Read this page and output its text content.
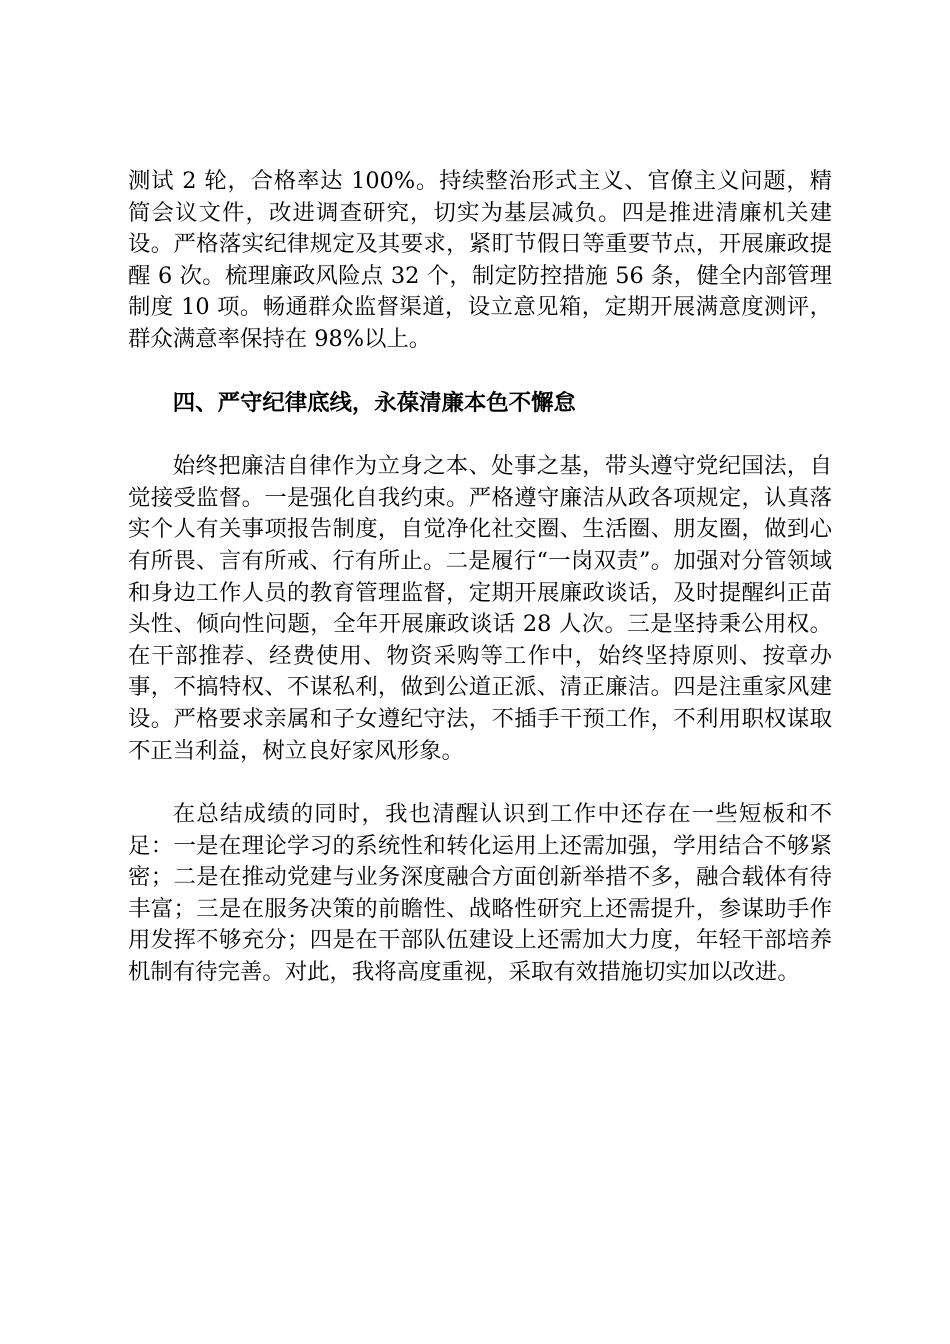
测试 2 轮，合格率达 100%。持续整治形式主义、官僚主义问题，精简会议文件，改进调查研究，切实为基层减负。四是推进清廉机关建设。严格落实纪律规定及其要求，紧盯节假日等重要节点，开展廉政提醒 6 次。梳理廉政风险点 32 个，制定防控措施 56 条，健全内部管理制度 10 项。畅通群众监督渠道，设立意见箱，定期开展满意度测评，群众满意率保持在 98%以上。

四、严守纪律底线，永葆清廉本色不懈怠

始终把廉洁自律作为立身之本、处事之基，带头遵守党纪国法，自觉接受监督。一是强化自我约束。严格遵守廉洁从政各项规定，认真落实个人有关事项报告制度，自觉净化社交圈、生活圈、朋友圈，做到心有所畏、言有所戒、行有所止。二是履行“一岗双责”。加强对分管领域和身边工作人员的教育管理监督，定期开展廉政谈话，及时提醒纠正苗头性、倾向性问题，全年开展廉政谈话 28 人次。三是坚持秉公用权。在干部推荐、经费使用、物资采购等工作中，始终坚持原则、按章办事，不搞特权、不谋私利，做到公道正派、清正廉洁。四是注重家风建设。严格要求亲属和子女遵纪守法，不插手干预工作，不利用职权谋取不正当利益，树立良好家风形象。

在总结成绩的同时，我也清醒认识到工作中还存在一些短板和不足：一是在理论学习的系统性和转化运用上还需加强，学用结合不够紧密；二是在推动党建与业务深度融合方面创新举措不多，融合载体有待丰富；三是在服务决策的前瞻性、战略性研究上还需提升，参谋助手作用发挥不够充分；四是在干部队伍建设上还需加大力度，年轻干部培养机制有待完善。对此，我将高度重视，采取有效措施切实加以改进。
